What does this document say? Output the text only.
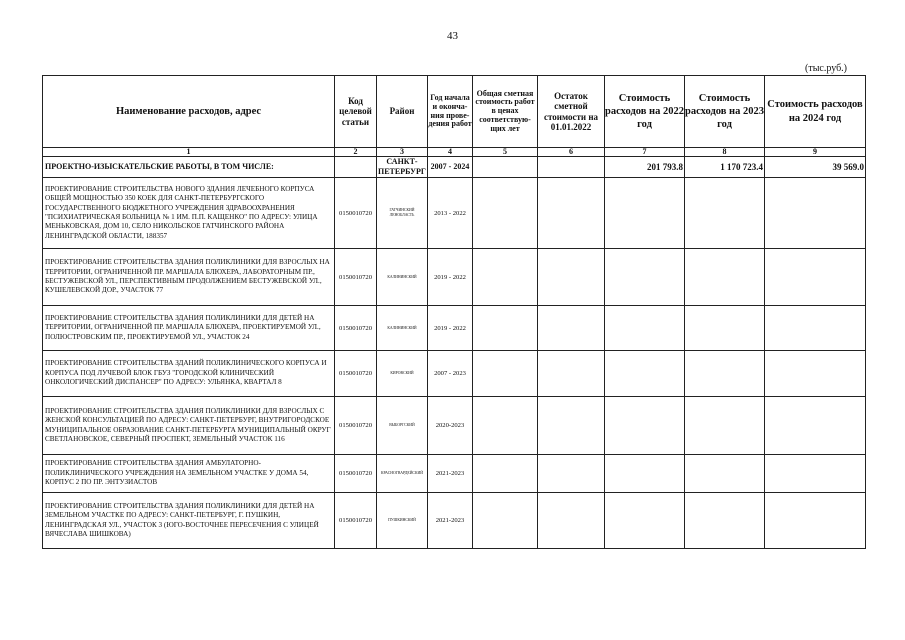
43
(тыс.руб.)
Наименование расходов, адрес	Код целевой статьи	Район	Год начала и оконча-ния прове-дения работ	Общая сметная стоимость работ в ценах соответствую-щих лет	Остаток сметной стоимости на 01.01.2022	Стоимость расходов на 2022 год	Стоимость расходов на 2023 год	Стоимость расходов на 2024 год
1	2	3	4	5	6	7	8	9
ПРОЕКТНО-ИЗЫСКАТЕЛЬСКИЕ РАБОТЫ, В ТОМ ЧИСЛЕ:		САНКТ-ПЕТЕРБУРГ	2007 - 2024			201 793.8	1 170 723.4	39 569.0
ПРОЕКТИРОВАНИЕ СТРОИТЕЛЬСТВА НОВОГО ЗДАНИЯ ЛЕЧЕБНОГО КОРПУСА ОБЩЕЙ МОЩНОСТЬЮ 350 КОЕК ДЛЯ САНКТ-ПЕТЕРБУРГСКОГО ГОСУДАРСТВЕННОГО БЮДЖЕТНОГО УЧРЕЖДЕНИЯ ЗДРАВООХРАНЕНИЯ "ПСИХИАТРИЧЕСКАЯ БОЛЬНИЦА № 1 ИМ. П.П. КАЩЕНКО" ПО АДРЕСУ: УЛИЦА МЕНЬКОВСКАЯ, ДОМ 10, СЕЛО НИКОЛЬСКОЕ ГАТЧИНСКОГО РАЙОНА ЛЕНИНГРАДСКОЙ ОБЛАСТИ, 188357	0150010720	ГАТЧИНСКИЙ ЛЕНОБЛАСТЬ	2013 - 2022					
ПРОЕКТИРОВАНИЕ СТРОИТЕЛЬСТВА ЗДАНИЯ ПОЛИКЛИНИКИ ДЛЯ ВЗРОСЛЫХ НА ТЕРРИТОРИИ, ОГРАНИЧЕННОЙ ПР. МАРШАЛА БЛЮХЕРА, ЛАБОРАТОРНЫМ ПР., БЕСТУЖЕВСКОЙ УЛ., ПЕРСПЕКТИВНЫМ ПРОДОЛЖЕНИЕМ БЕСТУЖЕВСКОЙ УЛ., КУШЕЛЕВСКОЙ ДОР., УЧАСТОК 77	0150010720	КАЛИНИНСКИЙ	2019 - 2022					
ПРОЕКТИРОВАНИЕ СТРОИТЕЛЬСТВА ЗДАНИЯ ПОЛИКЛИНИКИ ДЛЯ ДЕТЕЙ НА ТЕРРИТОРИИ, ОГРАНИЧЕННОЙ ПР. МАРШАЛА БЛЮХЕРА, ПРОЕКТИРУЕМОЙ УЛ., ПОЛЮСТРОВСКИМ ПР., ПРОЕКТИРУЕМОЙ УЛ., УЧАСТОК 24	0150010720	КАЛИНИНСКИЙ	2019 - 2022					
ПРОЕКТИРОВАНИЕ СТРОИТЕЛЬСТВА ЗДАНИЙ ПОЛИКЛИНИЧЕСКОГО КОРПУСА И КОРПУСА ПОД ЛУЧЕВОЙ БЛОК ГБУЗ "ГОРОДСКОЙ КЛИНИЧЕСКИЙ ОНКОЛОГИЧЕСКИЙ ДИСПАНСЕР" ПО АДРЕСУ: УЛЬЯНКА, КВАРТАЛ 8	0150010720	КИРОВСКИЙ	2007 - 2023					
ПРОЕКТИРОВАНИЕ СТРОИТЕЛЬСТВА ЗДАНИЯ ПОЛИКЛИНИКИ ДЛЯ ВЗРОСЛЫХ С ЖЕНСКОЙ КОНСУЛЬТАЦИЕЙ ПО АДРЕСУ: САНКТ-ПЕТЕРБУРГ, ВНУТРИГОРОДСКОЕ МУНИЦИПАЛЬНОЕ ОБРАЗОВАНИЕ САНКТ-ПЕТЕРБУРГА МУНИЦИПАЛЬНЫЙ ОКРУГ СВЕТЛАНОВСКОЕ, СЕВЕРНЫЙ ПРОСПЕКТ, ЗЕМЕЛЬНЫЙ УЧАСТОК 116	0150010720	ВЫБОРГСКИЙ	2020-2023					
ПРОЕКТИРОВАНИЕ СТРОИТЕЛЬСТВА ЗДАНИЯ АМБУЛАТОРНО-ПОЛИКЛИНИЧЕСКОГО УЧРЕЖДЕНИЯ НА ЗЕМЕЛЬНОМ УЧАСТКЕ У ДОМА 54, КОРПУС 2 ПО ПР. ЭНТУЗИАСТОВ	0150010720	КРАСНОГВАРДЕЙСКИЙ	2021-2023					
ПРОЕКТИРОВАНИЕ СТРОИТЕЛЬСТВА ЗДАНИЯ ПОЛИКЛИНИКИ ДЛЯ ДЕТЕЙ НА ЗЕМЕЛЬНОМ УЧАСТКЕ ПО АДРЕСУ: САНКТ-ПЕТЕРБУРГ, Г. ПУШКИН, ЛЕНИНГРАДСКАЯ УЛ., УЧАСТОК 3 (ЮГО-ВОСТОЧНЕЕ ПЕРЕСЕЧЕНИЯ С УЛИЦЕЙ ВЯЧЕСЛАВА ШИШКОВА)	0150010720	ПУШКИНСКИЙ	2021-2023					
